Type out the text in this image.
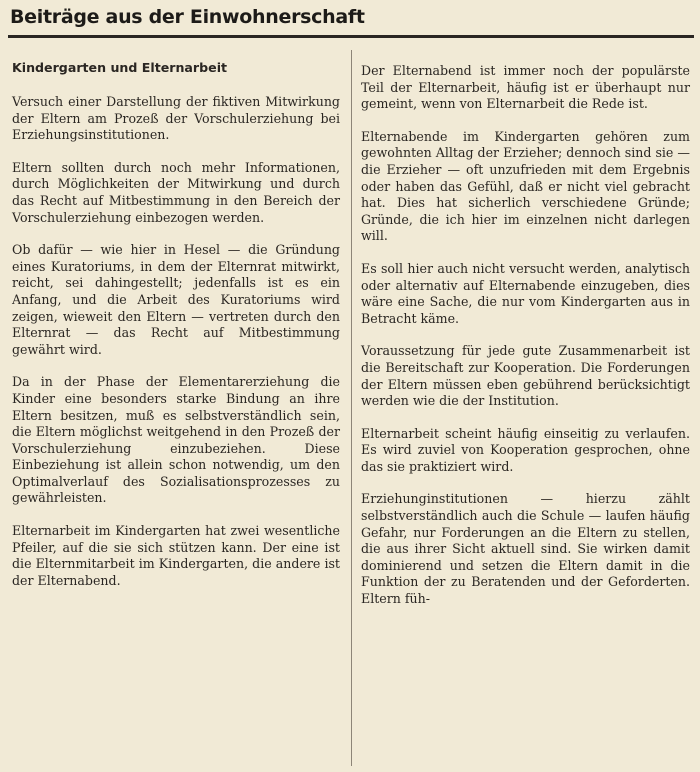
Beiträge aus der Einwohnerschaft
Kindergarten und Elternarbeit

Versuch einer Darstellung der fiktiven Mitwirkung der Eltern am Prozeß der Vorschulerziehung bei Erziehungsinstitutionen.

Eltern sollten durch noch mehr Informationen, durch Möglichkeiten der Mitwirkung und durch das Recht auf Mitbestimmung in den Bereich der Vorschulerziehung einbezogen werden.

Ob dafür — wie hier in Hesel — die Gründung eines Kuratoriums, in dem der Elternrat mitwirkt, reicht, sei dahingestellt; jedenfalls ist es ein Anfang, und die Arbeit des Kuratoriums wird zeigen, wieweit den Eltern — vertreten durch den Elternrat — das Recht auf Mitbestimmung gewährt wird.

Da in der Phase der Elementarerziehung die Kinder eine besonders starke Bindung an ihre Eltern besitzen, muß es selbstverständlich sein, die Eltern möglichst weitgehend in den Prozeß der Vorschulerziehung einzubeziehen. Diese Einbeziehung ist allein schon notwendig, um den Optimalverlauf des Sozialisationsprozesses zu gewährleisten.

Elternarbeit im Kindergarten hat zwei wesentliche Pfeiler, auf die sie sich stützen kann. Der eine ist die Elternmitarbeit im Kindergarten, die andere ist der Elternabend.

Der Elternabend ist immer noch der populärste Teil der Elternarbeit, häufig ist er überhaupt nur gemeint, wenn von Elternarbeit die Rede ist.

Elternabende im Kindergarten gehören zum gewohnten Alltag der Erzieher; dennoch sind sie — die Erzieher — oft unzufrieden mit dem Ergebnis oder haben das Gefühl, daß er nicht viel gebracht hat. Dies hat sicherlich verschiedene Gründe; Gründe, die ich hier im einzelnen nicht darlegen will.

Es soll hier auch nicht versucht werden, analytisch oder alternativ auf Elternabende einzugeben, dies wäre eine Sache, die nur vom Kindergarten aus in Betracht käme.

Voraussetzung für jede gute Zusammenarbeit ist die Bereitschaft zur Kooperation. Die Forderungen der Eltern müssen eben gebührend berücksichtigt werden wie die der Institution.

Elternarbeit scheint häufig einseitig zu verlaufen. Es wird zuviel von Kooperation gesprochen, ohne das sie praktiziert wird.

Erziehunginstitutionen — hierzu zählt selbstverständlich auch die Schule — laufen häufig Gefahr, nur Forderungen an die Eltern zu stellen, die aus ihrer Sicht aktuell sind. Sie wirken damit dominierend und setzen die Eltern damit in die Funktion der zu Beratenden und der Geforderten. Eltern füh-
